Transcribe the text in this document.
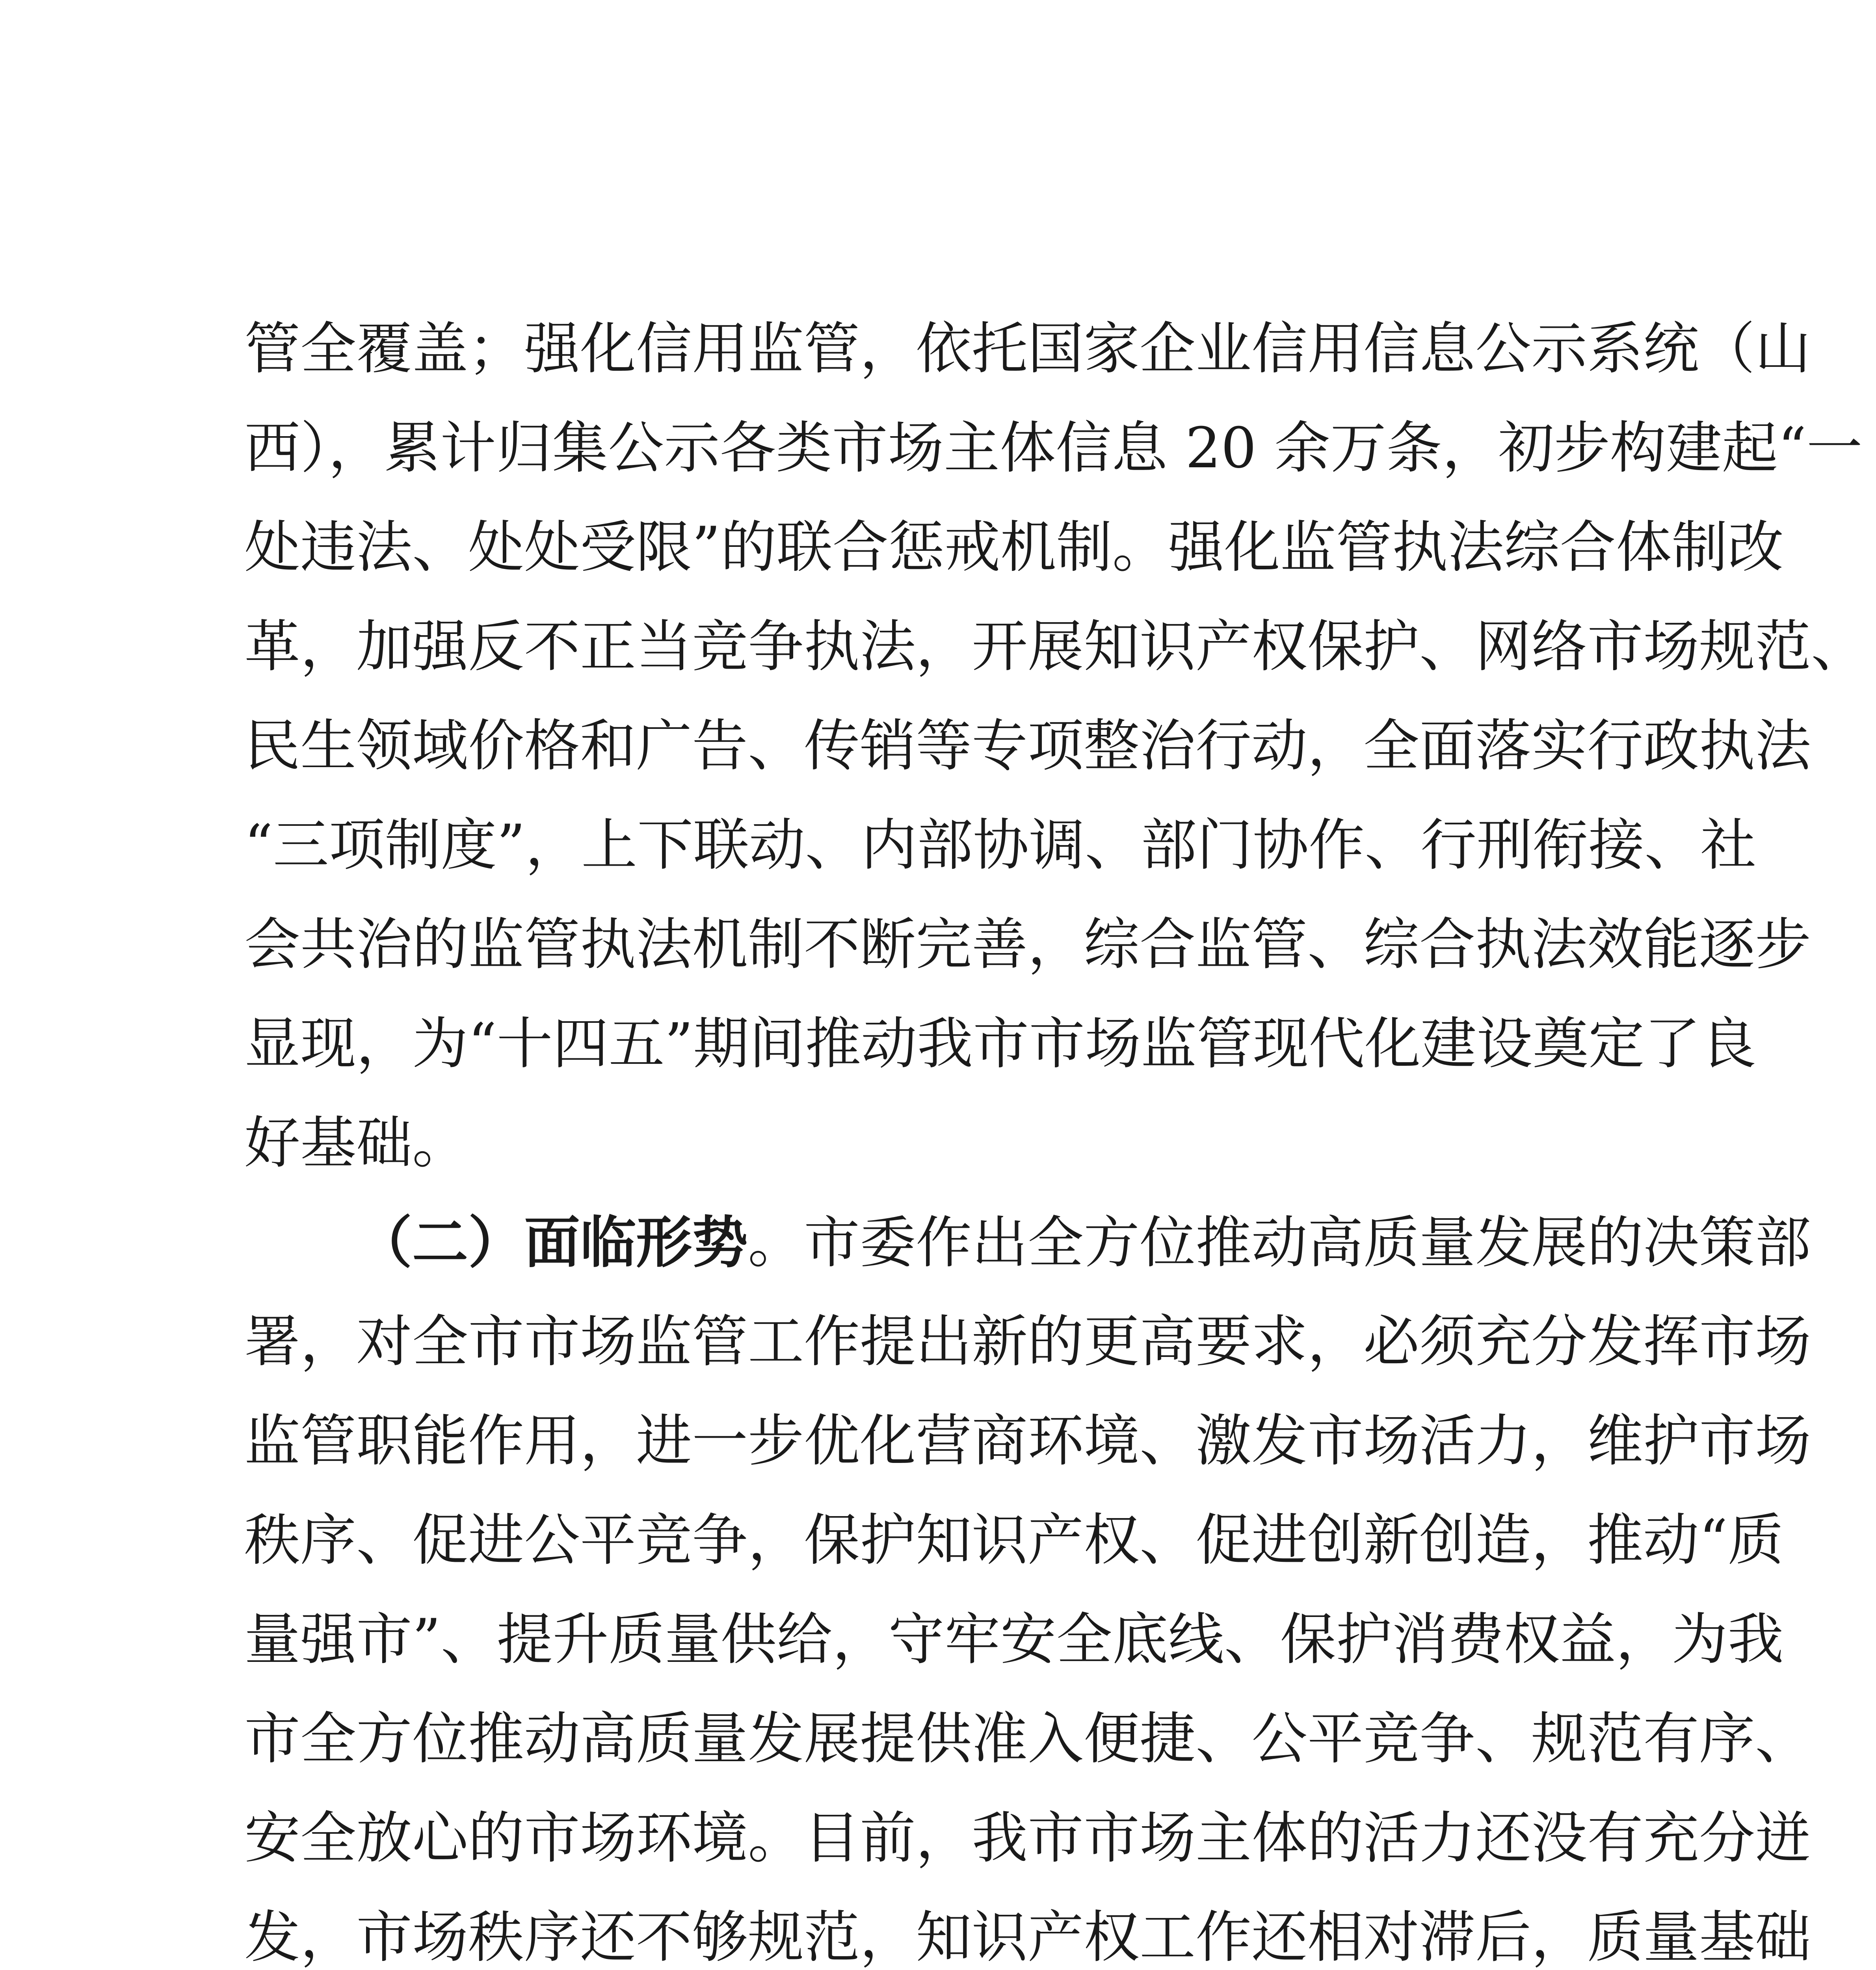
管全覆盖；强化信用监管，依托国家企业信用信息公示系统（山
西），累计归集公示各类市场主体信息 20 余万条，初步构建起“一
处违法、处处受限”的联合惩戒机制。强化监管执法综合体制改
革，加强反不正当竞争执法，开展知识产权保护、网络市场规范、
民生领域价格和广告、传销等专项整治行动，全面落实行政执法
“三项制度”，上下联动、内部协调、部门协作、行刑衔接、社
会共治的监管执法机制不断完善，综合监管、综合执法效能逐步
显现，为“十四五”期间推动我市市场监管现代化建设奠定了良
好基础。
（二）面临形势。市委作出全方位推动高质量发展的决策部
署，对全市市场监管工作提出新的更高要求，必须充分发挥市场
监管职能作用，进一步优化营商环境、激发市场活力，维护市场
秩序、促进公平竞争，保护知识产权、促进创新创造，推动“质
量强市”、提升质量供给，守牢安全底线、保护消费权益，为我
市全方位推动高质量发展提供准入便捷、公平竞争、规范有序、
安全放心的市场环境。目前，我市市场主体的活力还没有充分迸
发，市场秩序还不够规范，知识产权工作还相对滞后，质量基础
